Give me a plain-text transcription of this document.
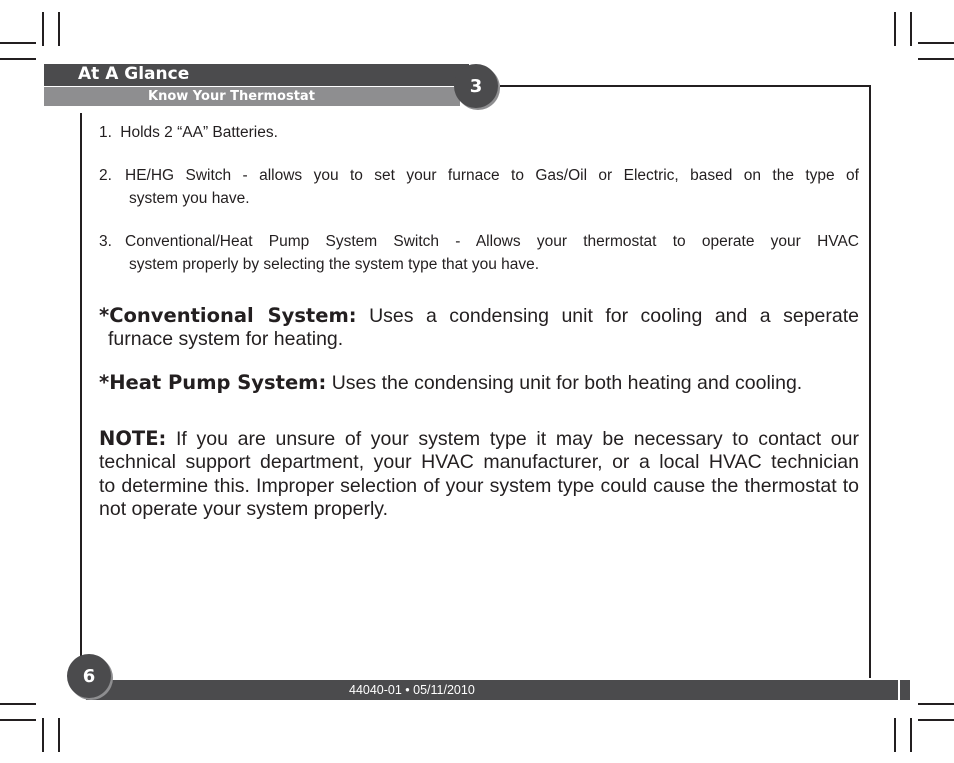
At A Glance
Know Your Thermostat	3
1. Holds 2 “AA” Batteries.
2. HE/HG Switch - allows you to set your furnace to Gas/Oil or Electric, based on the type of
system you have.
3. Conventional/Heat Pump System Switch - Allows your thermostat to operate your HVAC
system properly by selecting the system type that you have.
*Conventional System: Uses a condensing unit for cooling and a seperate
furnace system for heating.
*Heat Pump System: Uses the condensing unit for both heating and cooling.
NOTE: If you are unsure of your system type it may be necessary to contact our
technical support department, your HVAC manufacturer, or a local HVAC technician
to determine this. Improper selection of your system type could cause the thermostat to
not operate your system properly.
6
44040-01 • 05/11/2010
